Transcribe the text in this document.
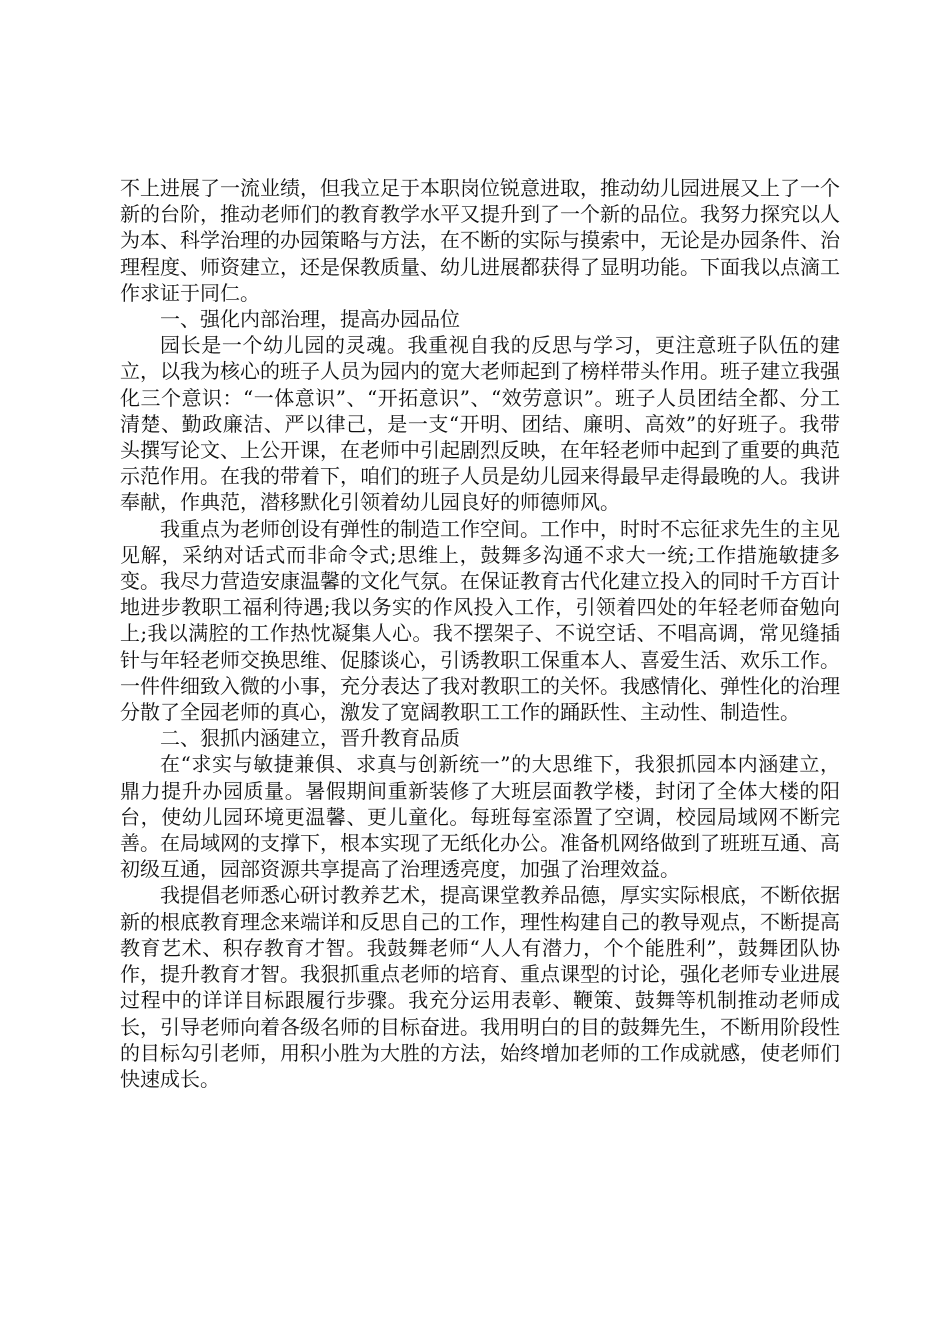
不上进展了一流业绩，但我立足于本职岗位锐意进取，推动幼儿园进展又上了一个新的台阶，推动老师们的教育教学水平又提升到了一个新的品位。我努力探究以人为本、科学治理的办园策略与方法，在不断的实际与摸索中，无论是办园条件、治理程度、师资建立，还是保教质量、幼儿进展都获得了显明功能。下面我以点滴工作求证于同仁。

一、强化内部治理，提高办园品位

园长是一个幼儿园的灵魂。我重视自我的反思与学习，更注意班子队伍的建立，以我为核心的班子人员为园内的宽大老师起到了榜样带头作用。班子建立我强化三个意识：“一体意识”、“开拓意识”、“效劳意识”。班子人员团结全都、分工清楚、勤政廉洁、严以律己，是一支“开明、团结、廉明、高效”的好班子。我带头撰写论文、上公开课，在老师中引起剧烈反映，在年轻老师中起到了重要的典范示范作用。在我的带着下，咱们的班子人员是幼儿园来得最早走得最晚的人。我讲奉献，作典范，潜移默化引领着幼儿园良好的师德师风。

我重点为老师创设有弹性的制造工作空间。工作中，时时不忘征求先生的主见见解，采纳对话式而非命令式;思维上，鼓舞多沟通不求大一统;工作措施敏捷多变。我尽力营造安康温馨的文化气氛。在保证教育古代化建立投入的同时千方百计地进步教职工福利待遇;我以务实的作风投入工作，引领着四处的年轻老师奋勉向上;我以满腔的工作热忱凝集人心。我不摆架子、不说空话、不唱高调，常见缝插针与年轻老师交换思维、促膝谈心，引诱教职工保重本人、喜爱生活、欢乐工作。一件件细致入微的小事，充分表达了我对教职工的关怀。我感情化、弹性化的治理分散了全园老师的真心，激发了宽阔教职工工作的踊跃性、主动性、制造性。

二、狠抓内涵建立，晋升教育品质

在“求实与敏捷兼俱、求真与创新统一”的大思维下，我狠抓园本内涵建立，鼎力提升办园质量。暑假期间重新装修了大班层面教学楼，封闭了全体大楼的阳台，使幼儿园环境更温馨、更儿童化。每班每室添置了空调，校园局域网不断完善。在局域网的支撑下，根本实现了无纸化办公。准备机网络做到了班班互通、高初级互通，园部资源共享提高了治理透亮度，加强了治理效益。

我提倡老师悉心研讨教养艺术，提高课堂教养品德，厚实实际根底，不断依据新的根底教育理念来端详和反思自己的工作，理性构建自己的教导观点，不断提高教育艺术、积存教育才智。我鼓舞老师“人人有潜力，个个能胜利”，鼓舞团队协作，提升教育才智。我狠抓重点老师的培育、重点课型的讨论，强化老师专业进展过程中的详详目标跟履行步骤。我充分运用表彰、鞭策、鼓舞等机制推动老师成长，引导老师向着各级名师的目标奋进。我用明白的目的鼓舞先生，不断用阶段性的目标勾引老师，用积小胜为大胜的方法，始终增加老师的工作成就感，使老师们快速成长。
